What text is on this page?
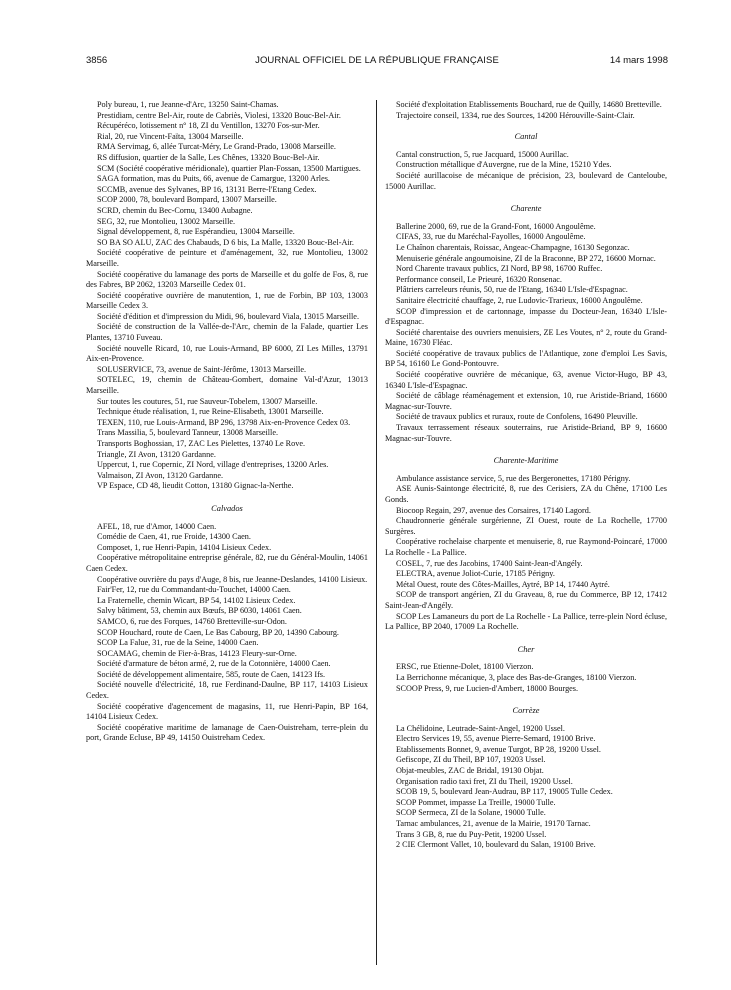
3856	JOURNAL OFFICIEL DE LA RÉPUBLIQUE FRANÇAISE	14 mars 1998

Poly bureau, 1, rue Jeanne-d'Arc, 13250 Saint-Chamas.

Prestidiam, centre Bel-Air, route de Cabriès, Violesi, 13320 Bouc-Bel-Air.

Récupéréco, lotissement n° 18, ZI du Ventillon, 13270 Fos-sur-Mer.

Rial, 20, rue Vincent-Faïta, 13004 Marseille.

RMA Servimag, 6, allée Turcat-Méry, Le Grand-Prado, 13008 Marseille.

RS diffusion, quartier de la Salle, Les Chênes, 13320 Bouc-Bel-Air.

SCM (Société coopérative méridionale), quartier Plan-Fossan, 13500 Martigues.

SAGA formation, mas du Puits, 66, avenue de Camargue, 13200 Arles.

SCCMB, avenue des Sylvanes, BP 16, 13131 Berre-l'Etang Cedex.

SCOP 2000, 78, boulevard Bompard, 13007 Marseille.

SCRD, chemin du Bec-Cornu, 13400 Aubagne.

SEG, 32, rue Montolieu, 13002 Marseille.

Signal développement, 8, rue Espérandieu, 13004 Marseille.

SO BA SO ALU, ZAC des Chabauds, D 6 bis, La Malle, 13320 Bouc-Bel-Air.

Société coopérative de peinture et d'aménagement, 32, rue Montolieu, 13002 Marseille.

Société coopérative du lamanage des ports de Marseille et du golfe de Fos, 8, rue des Fabres, BP 2062, 13203 Marseille Cedex 01.

Société coopérative ouvrière de manutention, 1, rue de Forbin, BP 103, 13003 Marseille Cedex 3.

Société d'édition et d'impression du Midi, 96, boulevard Viala, 13015 Marseille.

Société de construction de la Vallée-de-l'Arc, chemin de la Falade, quartier Les Plantes, 13710 Fuveau.

Société nouvelle Ricard, 10, rue Louis-Armand, BP 6000, ZI Les Milles, 13791 Aix-en-Provence.

SOLUSERVICE, 73, avenue de Saint-Jérôme, 13013 Marseille.

SOTELEC, 19, chemin de Château-Gombert, domaine Val-d'Azur, 13013 Marseille.

Sur toutes les coutures, 51, rue Sauveur-Tobelem, 13007 Marseille.

Technique étude réalisation, 1, rue Reine-Elisabeth, 13001 Marseille.

TEXEN, 110, rue Louis-Armand, BP 296, 13798 Aix-en-Provence Cedex 03.

Trans Massilia, 5, boulevard Tanneur, 13008 Marseille.

Transports Boghossian, 17, ZAC Les Pielettes, 13740 Le Rove.

Triangle, ZI Avon, 13120 Gardanne.

Uppercut, 1, rue Copernic, ZI Nord, village d'entreprises, 13200 Arles.

Valmaison, ZI Avon, 13120 Gardanne.

VP Espace, CD 48, lieudit Cotton, 13180 Gignac-la-Nerthe.

Calvados

AFEL, 18, rue d'Amor, 14000 Caen.

Comédie de Caen, 41, rue Froide, 14300 Caen.

Composet, 1, rue Henri-Papin, 14104 Lisieux Cedex.

Coopérative métropolitaine entreprise générale, 82, rue du Général-Moulin, 14061 Caen Cedex.

Coopérative ouvrière du pays d'Auge, 8 bis, rue Jeanne-Deslandes, 14100 Lisieux.

Fair'Fer, 12, rue du Commandant-du-Touchet, 14000 Caen.

La Fraternelle, chemin Wicart, BP 54, 14102 Lisieux Cedex.

Salvy bâtiment, 53, chemin aux Bœufs, BP 6030, 14061 Caen.

SAMCO, 6, rue des Forques, 14760 Bretteville-sur-Odon.

SCOP Houchard, route de Caen, Le Bas Cabourg, BP 20, 14390 Cabourg.

SCOP La Falue, 31, rue de la Seine, 14000 Caen.

SOCAMAG, chemin de Fier-à-Bras, 14123 Fleury-sur-Orne.

Société d'armature de béton armé, 2, rue de la Cotonnière, 14000 Caen.

Société de développement alimentaire, 585, route de Caen, 14123 Ifs.

Société nouvelle d'électricité, 18, rue Ferdinand-Daulne, BP 117, 14103 Lisieux Cedex.

Société coopérative d'agencement de magasins, 11, rue Henri-Papin, BP 164, 14104 Lisieux Cedex.

Société coopérative maritime de lamanage de Caen-Ouistreham, terre-plein du port, Grande Ecluse, BP 49, 14150 Ouistreham Cedex.

Société d'exploitation Etablissements Bouchard, rue de Quilly, 14680 Bretteville.

Trajectoire conseil, 1334, rue des Sources, 14200 Hérouville-Saint-Clair.

Cantal

Cantal construction, 5, rue Jacquard, 15000 Aurillac.

Construction métallique d'Auvergne, rue de la Mine, 15210 Ydes.

Société aurillacoise de mécanique de précision, 23, boulevard de Canteloube, 15000 Aurillac.

Charente

Ballerine 2000, 69, rue de la Grand-Font, 16000 Angoulême.

CIFAS, 33, rue du Maréchal-Fayolles, 16000 Angoulême.

Le Chaînon charentais, Roissac, Angeac-Champagne, 16130 Segonzac.

Menuiserie générale angoumoisine, ZI de la Braconne, BP 272, 16600 Mornac.

Nord Charente travaux publics, ZI Nord, BP 98, 16700 Ruffec.

Performance conseil, Le Prieuré, 16320 Ronsenac.

Plâtriers carreleurs réunis, 50, rue de l'Etang, 16340 L'Isle-d'Espagnac.

Sanitaire électricité chauffage, 2, rue Ludovic-Trarieux, 16000 Angoulême.

SCOP d'impression et de cartonnage, impasse du Docteur-Jean, 16340 L'Isle-d'Espagnac.

Société charentaise des ouvriers menuisiers, ZE Les Voutes, n° 2, route du Grand-Maine, 16730 Fléac.

Société coopérative de travaux publics de l'Atlantique, zone d'emploi Les Savis, BP 54, 16160 Le Gond-Pontouvre.

Société coopérative ouvrière de mécanique, 63, avenue Victor-Hugo, BP 43, 16340 L'Isle-d'Espagnac.

Société de câblage réaménagement et extension, 10, rue Aristide-Briand, 16600 Magnac-sur-Touvre.

Société de travaux publics et ruraux, route de Confolens, 16490 Pleuville.

Travaux terrassement réseaux souterrains, rue Aristide-Briand, BP 9, 16600 Magnac-sur-Touvre.

Charente-Maritime

Ambulance assistance service, 5, rue des Bergeronettes, 17180 Périgny.

ASE Aunis-Saintonge électricité, 8, rue des Cerisiers, ZA du Chêne, 17100 Les Gonds.

Biocoop Regain, 297, avenue des Corsaires, 17140 Lagord.

Chaudronnerie générale surgérienne, ZI Ouest, route de La Rochelle, 17700 Surgères.

Coopérative rochelaise charpente et menuiserie, 8, rue Raymond-Poincaré, 17000 La Rochelle - La Pallice.

COSEL, 7, rue des Jacobins, 17400 Saint-Jean-d'Angély.

ELECTRA, avenue Joliot-Curie, 17185 Périgny.

Métal Ouest, route des Côtes-Mailles, Aytré, BP 14, 17440 Aytré.

SCOP de transport angérien, ZI du Graveau, 8, rue du Commerce, BP 12, 17412 Saint-Jean-d'Angély.

SCOP Les Lamaneurs du port de La Rochelle - La Pallice, terre-plein Nord écluse, La Pallice, BP 2040, 17009 La Rochelle.

Cher

ERSC, rue Etienne-Dolet, 18100 Vierzon.

La Berrichonne mécanique, 3, place des Bas-de-Granges, 18100 Vierzon.

SCOOP Press, 9, rue Lucien-d'Ambert, 18000 Bourges.

Corrèze

La Chélidoine, Leutrade-Saint-Angel, 19200 Ussel.

Electro Services 19, 55, avenue Pierre-Semard, 19100 Brive.

Etablissements Bonnet, 9, avenue Turgot, BP 28, 19200 Ussel.

Gefiscope, ZI du Theil, BP 107, 19203 Ussel.

Objat-meubles, ZAC de Bridal, 19130 Objat.

Organisation radio taxi fret, ZI du Theil, 19200 Ussel.

SCOB 19, 5, boulevard Jean-Audrau, BP 117, 19005 Tulle Cedex.

SCOP Pommet, impasse La Treille, 19000 Tulle.

SCOP Sermeca, ZI de la Solane, 19000 Tulle.

Tarnac ambulances, 21, avenue de la Mairie, 19170 Tarnac.

Trans 3 GB, 8, rue du Puy-Petit, 19200 Ussel.

2 CIE Clermont Vallet, 10, boulevard du Salan, 19100 Brive.
